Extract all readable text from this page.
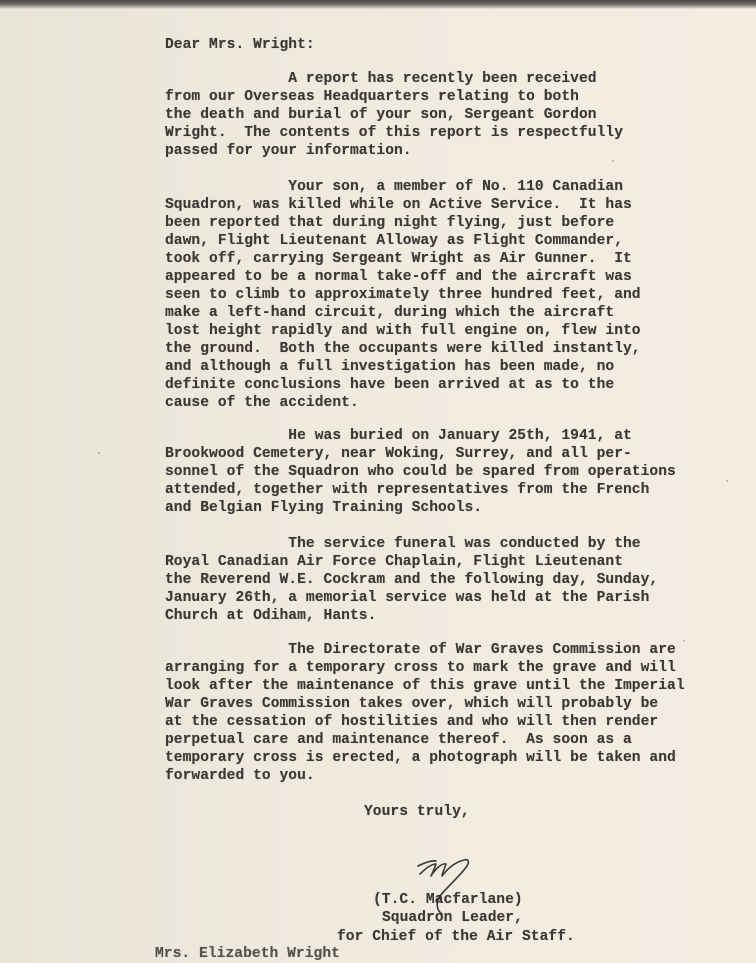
Dear Mrs. Wright:
A report has recently been received
from our Overseas Headquarters relating to both
the death and burial of your son, Sergeant Gordon
Wright.  The contents of this report is respectfully
passed for your information.
Your son, a member of No. 110 Canadian
Squadron, was killed while on Active Service.  It has
been reported that during night flying, just before
dawn, Flight Lieutenant Alloway as Flight Commander,
took off, carrying Sergeant Wright as Air Gunner.  It
appeared to be a normal take-off and the aircraft was
seen to climb to approximately three hundred feet, and
make a left-hand circuit, during which the aircraft
lost height rapidly and with full engine on, flew into
the ground.  Both the occupants were killed instantly,
and although a full investigation has been made, no
definite conclusions have been arrived at as to the
cause of the accident.
He was buried on January 25th, 1941, at
Brookwood Cemetery, near Woking, Surrey, and all per-
sonnel of the Squadron who could be spared from operations
attended, together with representatives from the French
and Belgian Flying Training Schools.
The service funeral was conducted by the
Royal Canadian Air Force Chaplain, Flight Lieutenant
the Reverend W.E. Cockram and the following day, Sunday,
January 26th, a memorial service was held at the Parish
Church at Odiham, Hants.
The Directorate of War Graves Commission are
arranging for a temporary cross to mark the grave and will
look after the maintenance of this grave until the Imperial
War Graves Commission takes over, which will probably be
at the cessation of hostilities and who will then render
perpetual care and maintenance thereof.  As soon as a
temporary cross is erected, a photograph will be taken and
forwarded to you.
Yours truly,
(T.C. Macfarlane)
Squadron Leader,
for Chief of the Air Staff.
Mrs. Elizabeth Wright
